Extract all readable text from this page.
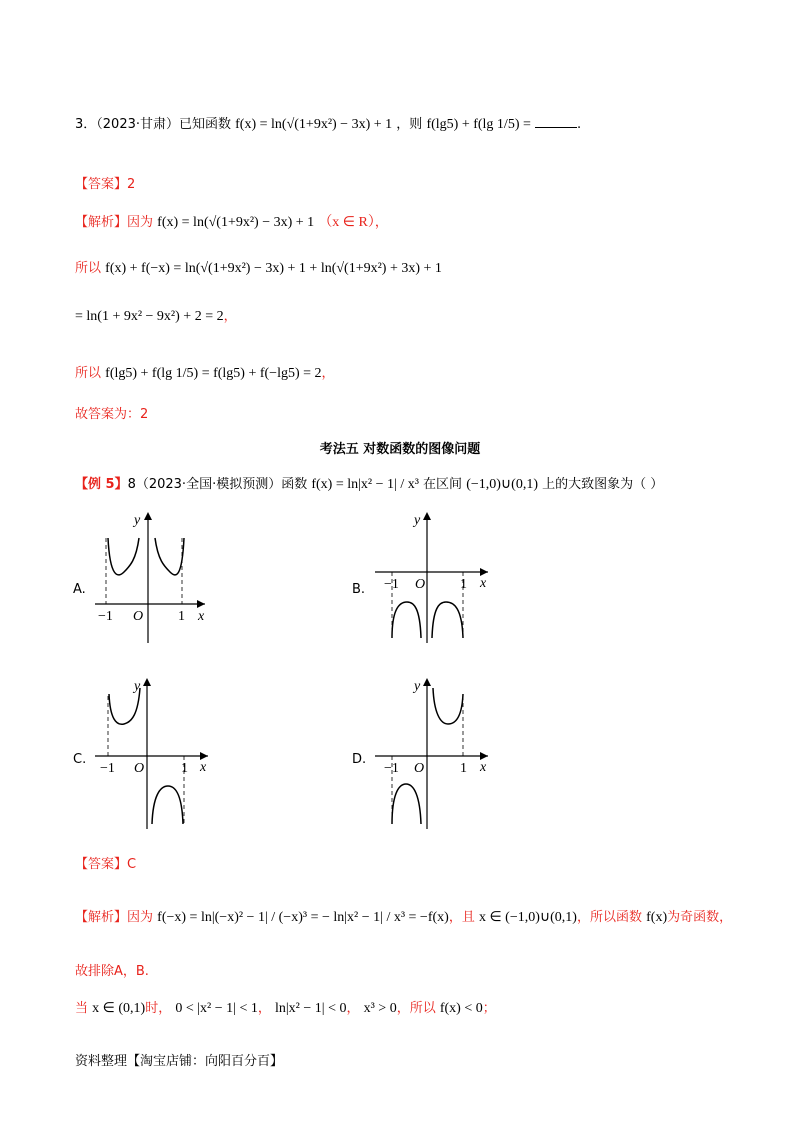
3．（2023·甘肃）已知函数 f(x) = ln(√(1+9x²) − 3x) + 1 ，则 f(lg5) + f(lg 1/5) =	.
【答案】2
【解析】因为 f(x) = ln(√(1+9x²) − 3x) + 1 （x ∈ R），
所以 f(x) + f(−x) = ln(√(1+9x²) − 3x) + 1 + ln(√(1+9x²) + 3x) + 1
= ln(1 + 9x² − 9x²) + 2 = 2，
所以 f(lg5) + f(lg 1/5) = f(lg5) + f(−lg5) = 2，
故答案为：2
考法五 对数函数的图像问题
【例 5】8（2023·全国·模拟预测）函数 f(x) = ln|x² − 1| / x³ 在区间 (−1,0)∪(0,1) 上的大致图象为（ ）
A.
y
x
−1 O 1
B.
y
x
−1 O 1
C.
y
x
−1 O	1
D.
y
x
−1 O	1
【答案】C
【解析】因为 f(−x) = ln|(−x)² − 1| / (−x)³ = − ln|x² − 1| / x³ = −f(x)，且 x ∈ (−1,0)∪(0,1)，所以函数 f(x)为奇函数，
故排除A，B.
当 x ∈ (0,1)时， 0 < |x² − 1| < 1， ln|x² − 1| < 0， x³ > 0，所以 f(x) < 0；
资料整理【淘宝店铺：向阳百分百】
